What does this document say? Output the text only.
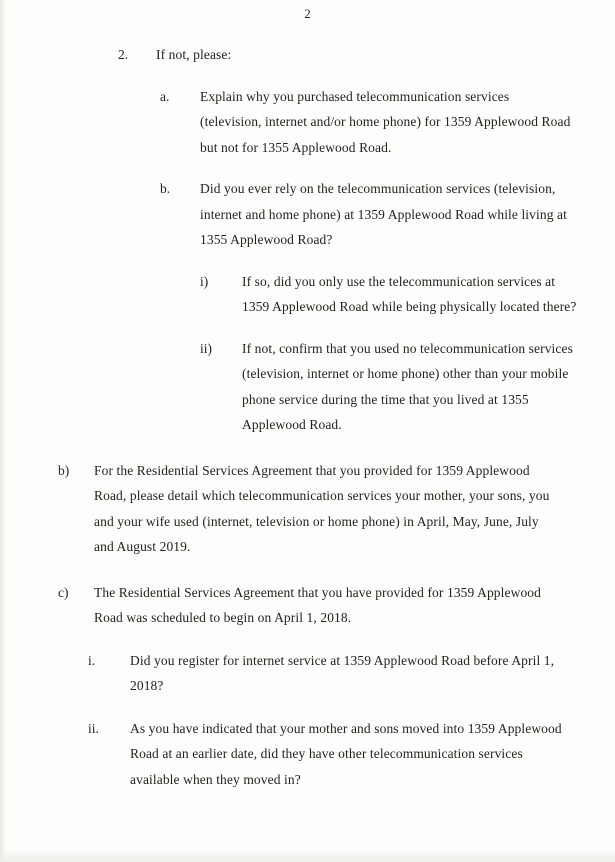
2
2.	If not, please:
a.	Explain why you purchased telecommunication services (television, internet and/or home phone) for 1359 Applewood Road but not for 1355 Applewood Road.
b.	Did you ever rely on the telecommunication services (television, internet and home phone) at 1359 Applewood Road while living at 1355 Applewood Road?
i)	If so, did you only use the telecommunication services at 1359 Applewood Road while being physically located there?
ii)	If not, confirm that you used no telecommunication services (television, internet or home phone) other than your mobile phone service during the time that you lived at 1355 Applewood Road.
b)	For the Residential Services Agreement that you provided for 1359 Applewood Road, please detail which telecommunication services your mother, your sons, you and your wife used (internet, television or home phone) in April, May, June, July and August 2019.
c)	The Residential Services Agreement that you have provided for 1359 Applewood Road was scheduled to begin on April 1, 2018.
i.	Did you register for internet service at 1359 Applewood Road before April 1, 2018?
ii.	As you have indicated that your mother and sons moved into 1359 Applewood Road at an earlier date, did they have other telecommunication services available when they moved in?
